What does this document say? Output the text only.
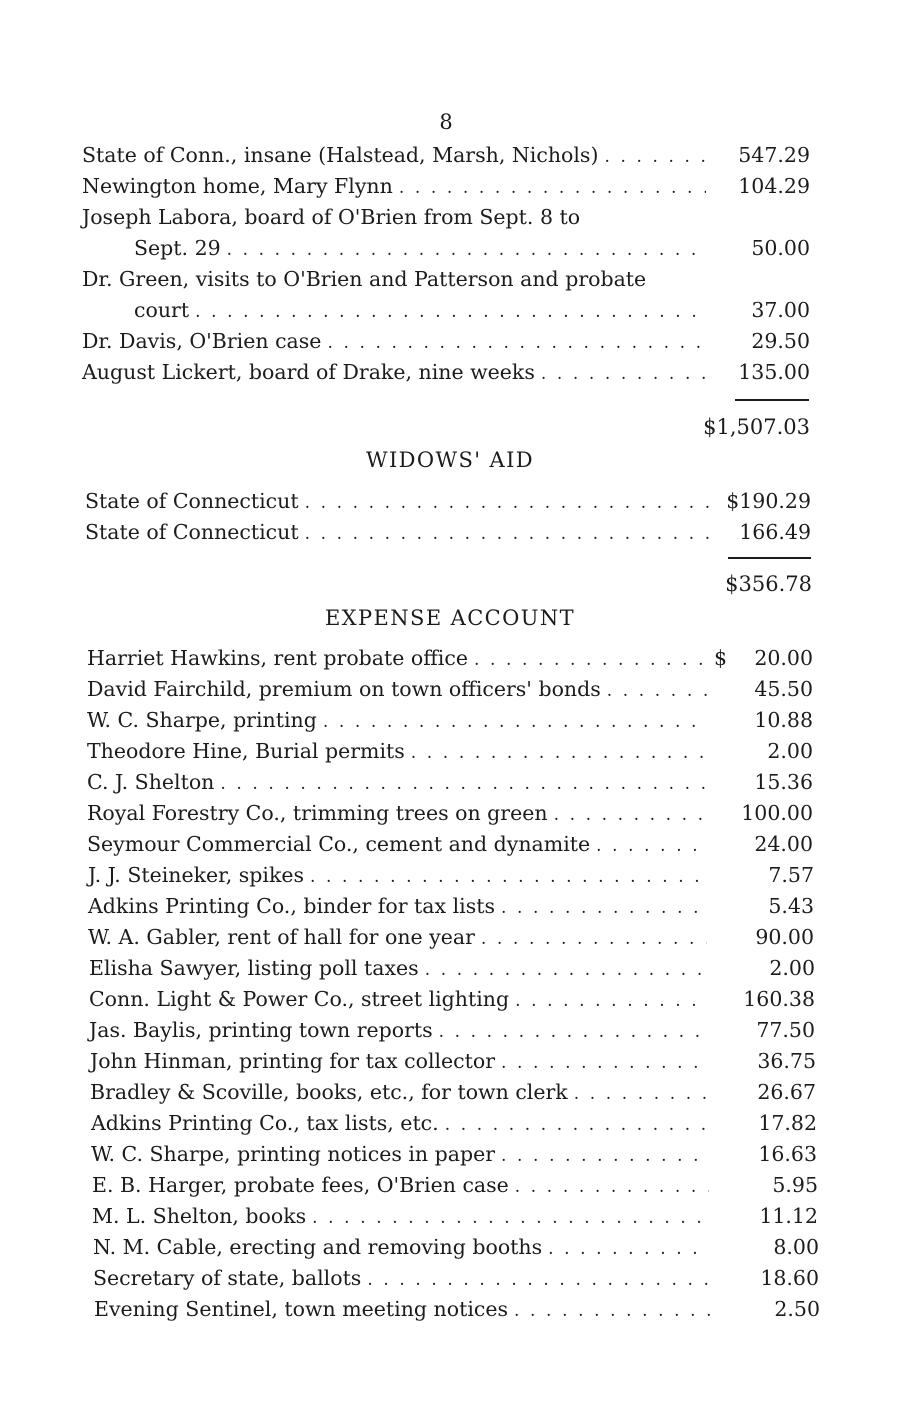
8
State of Conn., insane (Halstead, Marsh, Nichols) . . .	547.29
Newington home, Mary Flynn . . .	104.29
Joseph Labora, board of O'Brien from Sept. 8 to
Sept. 29 . . .	50.00
Dr. Green, visits to O'Brien and Patterson and probate
court . . .	37.00
Dr. Davis, O'Brien case . . .	29.50
August Lickert, board of Drake, nine weeks . . .	135.00
$1,507.03
WIDOWS' AID
State of Connecticut . . .	$190.29
State of Connecticut . . .	166.49
$356.78
EXPENSE ACCOUNT
Harriet Hawkins, rent probate office . . .	$	20.00
David Fairchild, premium on town officers' bonds . . .	45.50
W. C. Sharpe, printing . . .	10.88
Theodore Hine, Burial permits . . .	2.00
C. J. Shelton . . .	15.36
Royal Forestry Co., trimming trees on green . . .	100.00
Seymour Commercial Co., cement and dynamite . . .	24.00
J. J. Steineker, spikes . . .	7.57
Adkins Printing Co., binder for tax lists . . .	5.43
W. A. Gabler, rent of hall for one year . . .	90.00
Elisha Sawyer, listing poll taxes . . .	2.00
Conn. Light & Power Co., street lighting . . .	160.38
Jas. Baylis, printing town reports . . .	77.50
John Hinman, printing for tax collector . . .	36.75
Bradley & Scoville, books, etc., for town clerk . . .	26.67
Adkins Printing Co., tax lists, etc. . . .	17.82
W. C. Sharpe, printing notices in paper . . .	16.63
E. B. Harger, probate fees, O'Brien case . . .	5.95
M. L. Shelton, books . . .	11.12
N. M. Cable, erecting and removing booths . . .	8.00
Secretary of state, ballots . . .	18.60
Evening Sentinel, town meeting notices . . .	2.50
